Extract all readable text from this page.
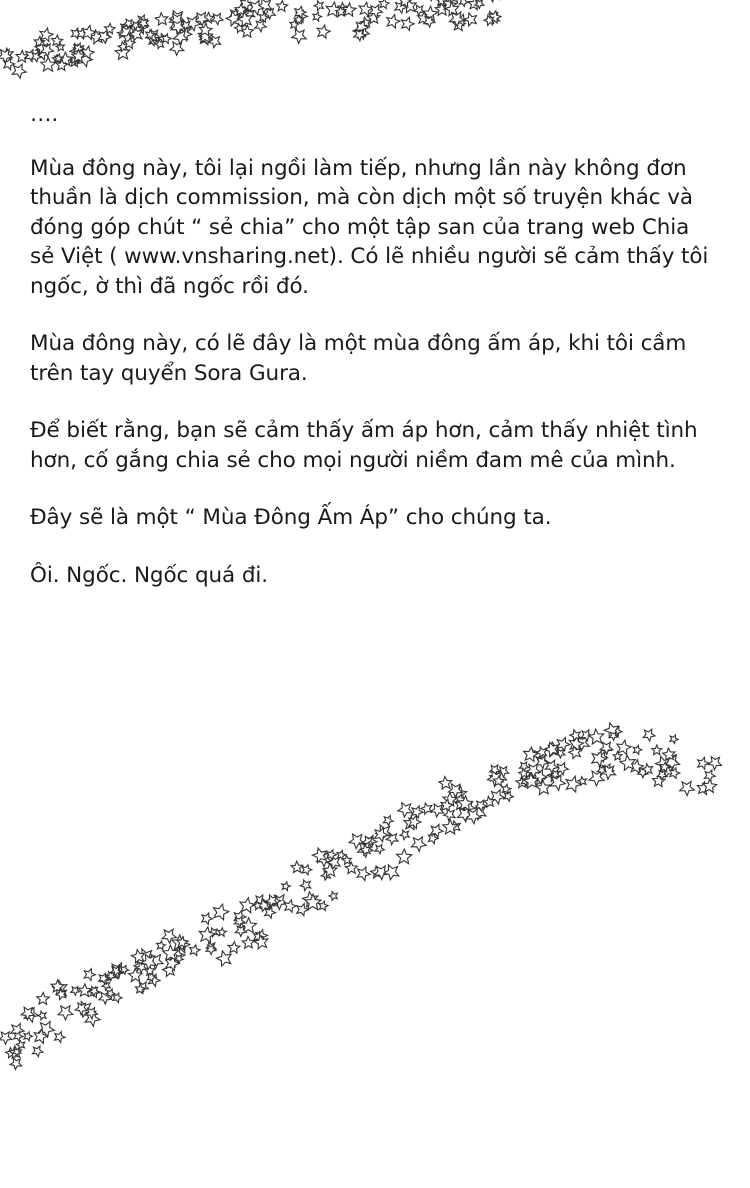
….

Mùa đông này, tôi lại ngồi làm tiếp, nhưng lần này không đơn thuần là dịch commission, mà còn dịch một số truyện khác và đóng góp chút “ sẻ chia” cho một tập san của trang web Chia sẻ Việt ( www.vnsharing.net). Có lẽ nhiều người sẽ cảm thấy tôi ngốc, ờ thì đã ngốc rồi đó.

Mùa đông này, có lẽ đây là một mùa đông ấm áp, khi tôi cầm trên tay quyển Sora Gura.

Để biết rằng, bạn sẽ cảm thấy ấm áp hơn, cảm thấy nhiệt tình hơn, cố gắng chia sẻ cho mọi người niềm đam mê của mình.

Đây sẽ là một “ Mùa Đông Ấm Áp” cho chúng ta.

Ôi. Ngốc. Ngốc quá đi.
